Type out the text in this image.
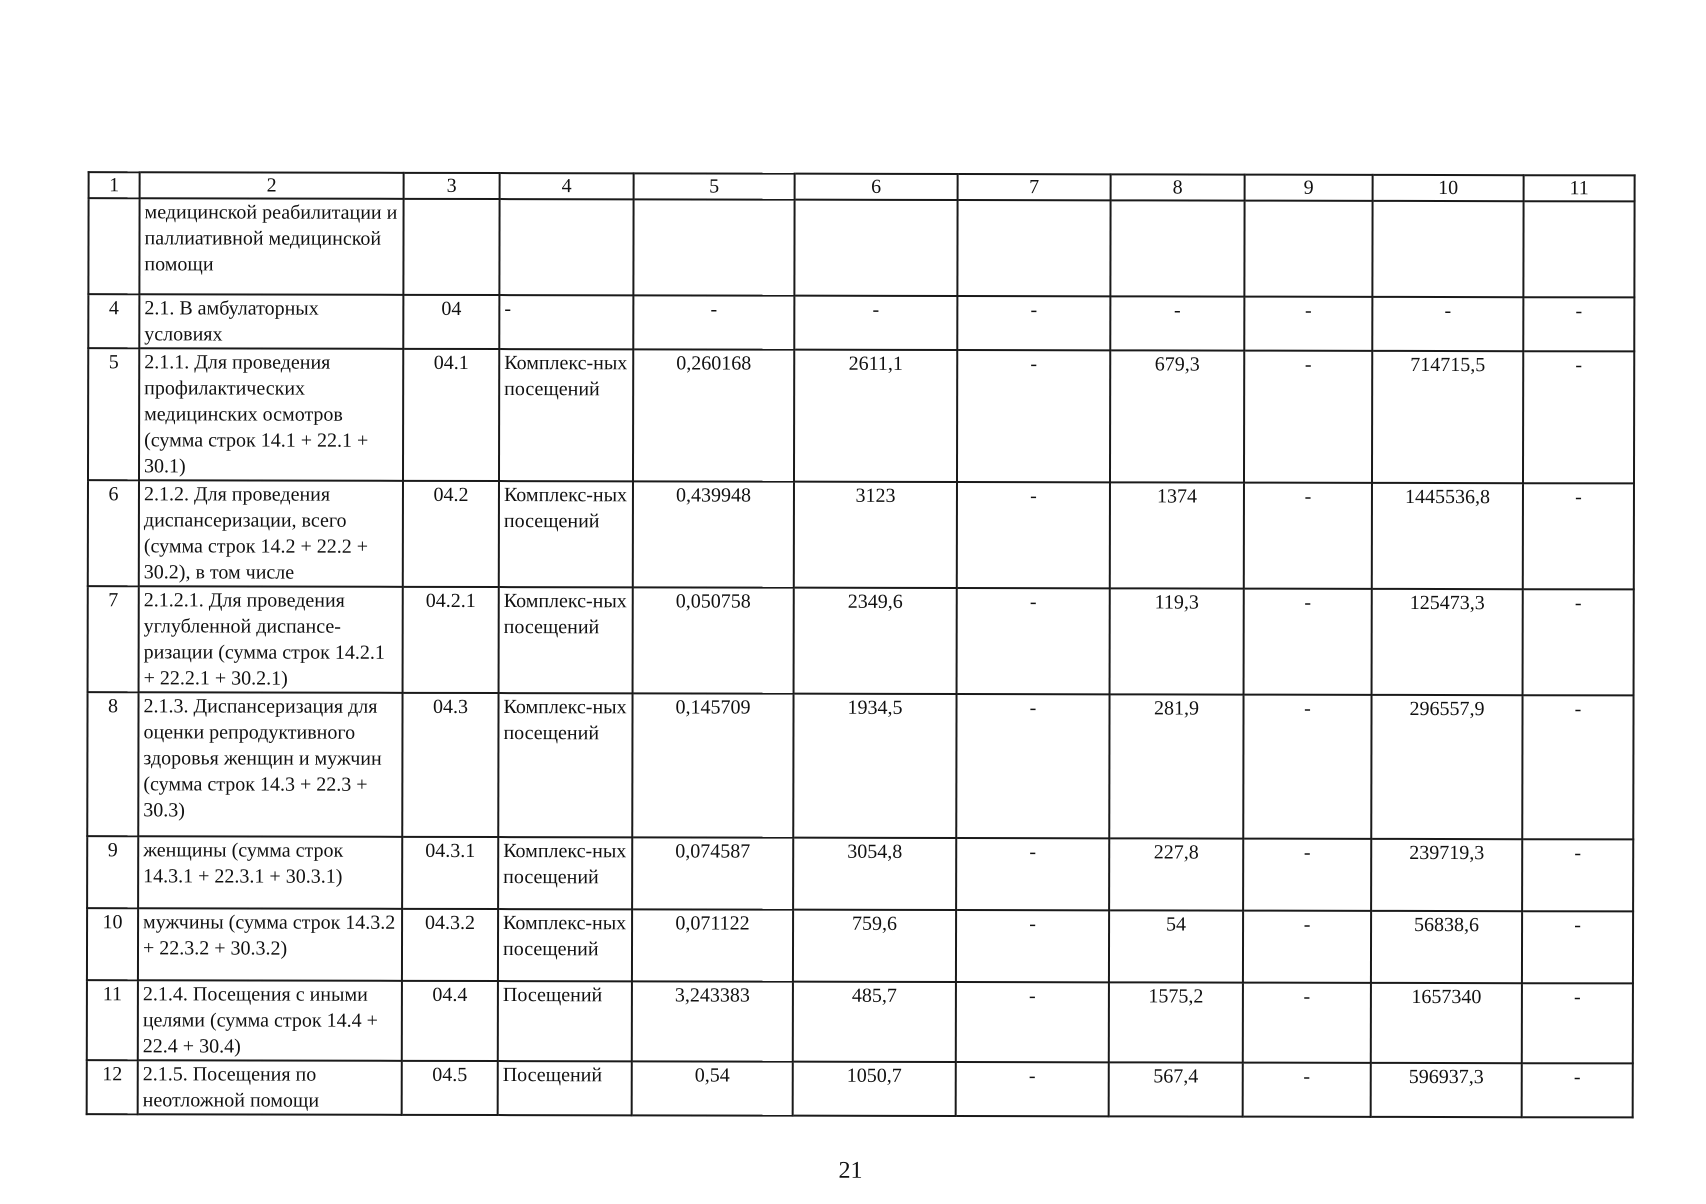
1	2	3	4	5	6	7	8	9	10	11
	медицинской реабилитации и паллиативной медицинской помощи									
4	2.1. В амбулаторных условиях	04	-	-	-	-	-	-	-	-
5	2.1.1. Для проведения профилактических медицинских осмотров (сумма строк 14.1 + 22.1 + 30.1)	04.1	Комплекс-ных посещений	0,260168	2611,1	-	679,3	-	714715,5	-
6	2.1.2. Для проведения диспансеризации, всего (сумма строк 14.2 + 22.2 + 30.2), в том числе	04.2	Комплекс-ных посещений	0,439948	3123	-	1374	-	1445536,8	-
7	2.1.2.1. Для проведения углубленной диспансе-ризации (сумма строк 14.2.1 + 22.2.1 + 30.2.1)	04.2.1	Комплекс-ных посещений	0,050758	2349,6	-	119,3	-	125473,3	-
8	2.1.3. Диспансеризация для оценки репродуктивного здоровья женщин и мужчин (сумма строк 14.3 + 22.3 + 30.3)	04.3	Комплекс-ных посещений	0,145709	1934,5	-	281,9	-	296557,9	-
9	женщины (сумма строк 14.3.1 + 22.3.1 + 30.3.1)	04.3.1	Комплекс-ных посещений	0,074587	3054,8	-	227,8	-	239719,3	-
10	мужчины (сумма строк 14.3.2 + 22.3.2 + 30.3.2)	04.3.2	Комплекс-ных посещений	0,071122	759,6	-	54	-	56838,6	-
11	2.1.4. Посещения с иными целями (сумма строк 14.4 + 22.4 + 30.4)	04.4	Посещений	3,243383	485,7	-	1575,2	-	1657340	-
12	2.1.5. Посещения по неотложной помощи	04.5	Посещений	0,54	1050,7	-	567,4	-	596937,3	-
21
